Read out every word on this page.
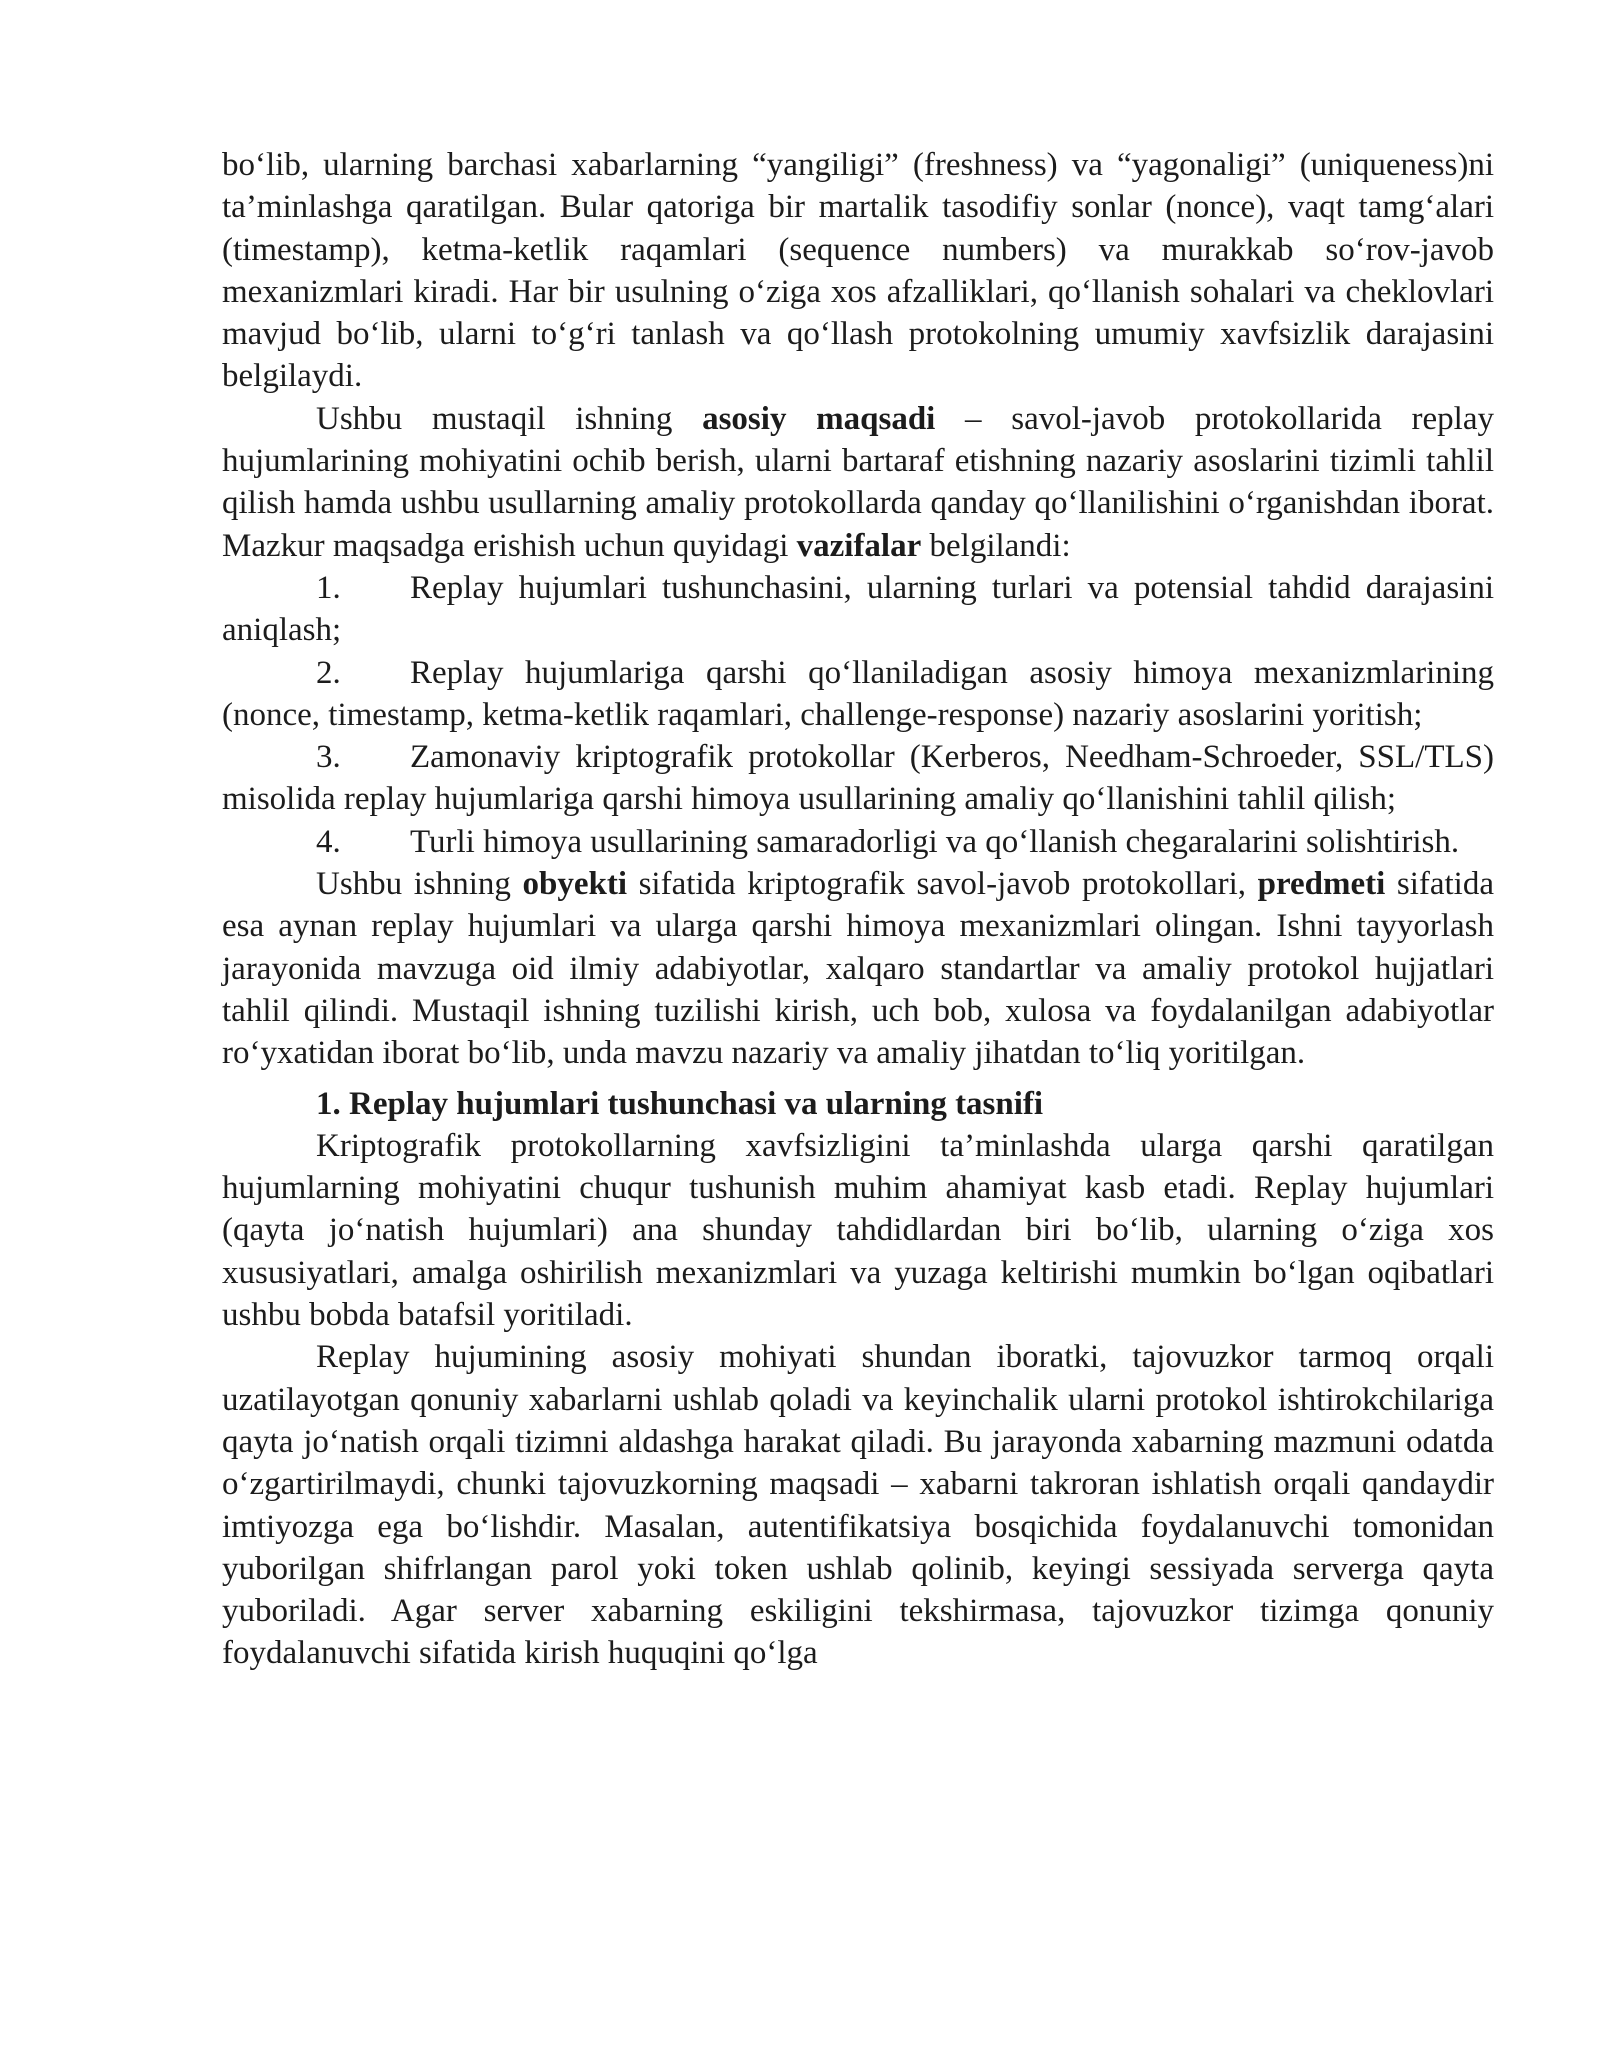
bo‘lib, ularning barchasi xabarlarning “yangiligi” (freshness) va “yagonaligi” (uniqueness)ni ta’minlashga qaratilgan. Bular qatoriga bir martalik tasodifiy sonlar (nonce), vaqt tamg‘alari (timestamp), ketma-ketlik raqamlari (sequence numbers) va murakkab so‘rov-javob mexanizmlari kiradi. Har bir usulning o‘ziga xos afzalliklari, qo‘llanish sohalari va cheklovlari mavjud bo‘lib, ularni to‘g‘ri tanlash va qo‘llash protokolning umumiy xavfsizlik darajasini belgilaydi.

Ushbu mustaqil ishning asosiy maqsadi – savol-javob protokollarida replay hujumlarining mohiyatini ochib berish, ularni bartaraf etishning nazariy asoslarini tizimli tahlil qilish hamda ushbu usullarning amaliy protokollarda qanday qo‘llanilishini o‘rganishdan iborat. Mazkur maqsadga erishish uchun quyidagi vazifalar belgilandi:

1. Replay hujumlari tushunchasini, ularning turlari va potensial tahdid darajasini aniqlash;

2. Replay hujumlariga qarshi qo‘llaniladigan asosiy himoya mexanizmlarining (nonce, timestamp, ketma-ketlik raqamlari, challenge-response) nazariy asoslarini yoritish;

3. Zamonaviy kriptografik protokollar (Kerberos, Needham-Schroeder, SSL/TLS) misolida replay hujumlariga qarshi himoya usullarining amaliy qo‘llanishini tahlil qilish;

4. Turli himoya usullarining samaradorligi va qo‘llanish chegaralarini solishtirish.

Ushbu ishning obyekti sifatida kriptografik savol-javob protokollari, predmeti sifatida esa aynan replay hujumlari va ularga qarshi himoya mexanizmlari olingan. Ishni tayyorlash jarayonida mavzuga oid ilmiy adabiyotlar, xalqaro standartlar va amaliy protokol hujjatlari tahlil qilindi. Mustaqil ishning tuzilishi kirish, uch bob, xulosa va foydalanilgan adabiyotlar ro‘yxatidan iborat bo‘lib, unda mavzu nazariy va amaliy jihatdan to‘liq yoritilgan.

1. Replay hujumlari tushunchasi va ularning tasnifi

Kriptografik protokollarning xavfsizligini ta’minlashda ularga qarshi qaratilgan hujumlarning mohiyatini chuqur tushunish muhim ahamiyat kasb etadi. Replay hujumlari (qayta jo‘natish hujumlari) ana shunday tahdidlardan biri bo‘lib, ularning o‘ziga xos xususiyatlari, amalga oshirilish mexanizmlari va yuzaga keltirishi mumkin bo‘lgan oqibatlari ushbu bobda batafsil yoritiladi.

Replay hujumining asosiy mohiyati shundan iboratki, tajovuzkor tarmoq orqali uzatilayotgan qonuniy xabarlarni ushlab qoladi va keyinchalik ularni protokol ishtirokchilariga qayta jo‘natish orqali tizimni aldashga harakat qiladi. Bu jarayonda xabarning mazmuni odatda o‘zgartirilmaydi, chunki tajovuzkorning maqsadi – xabarni takroran ishlatish orqali qandaydir imtiyozga ega bo‘lishdir. Masalan, autentifikatsiya bosqichida foydalanuvchi tomonidan yuborilgan shifrlangan parol yoki token ushlab qolinib, keyingi sessiyada serverga qayta yuboriladi. Agar server xabarning eskiligini tekshirmasa, tajovuzkor tizimga qonuniy foydalanuvchi sifatida kirish huquqini qo‘lga
